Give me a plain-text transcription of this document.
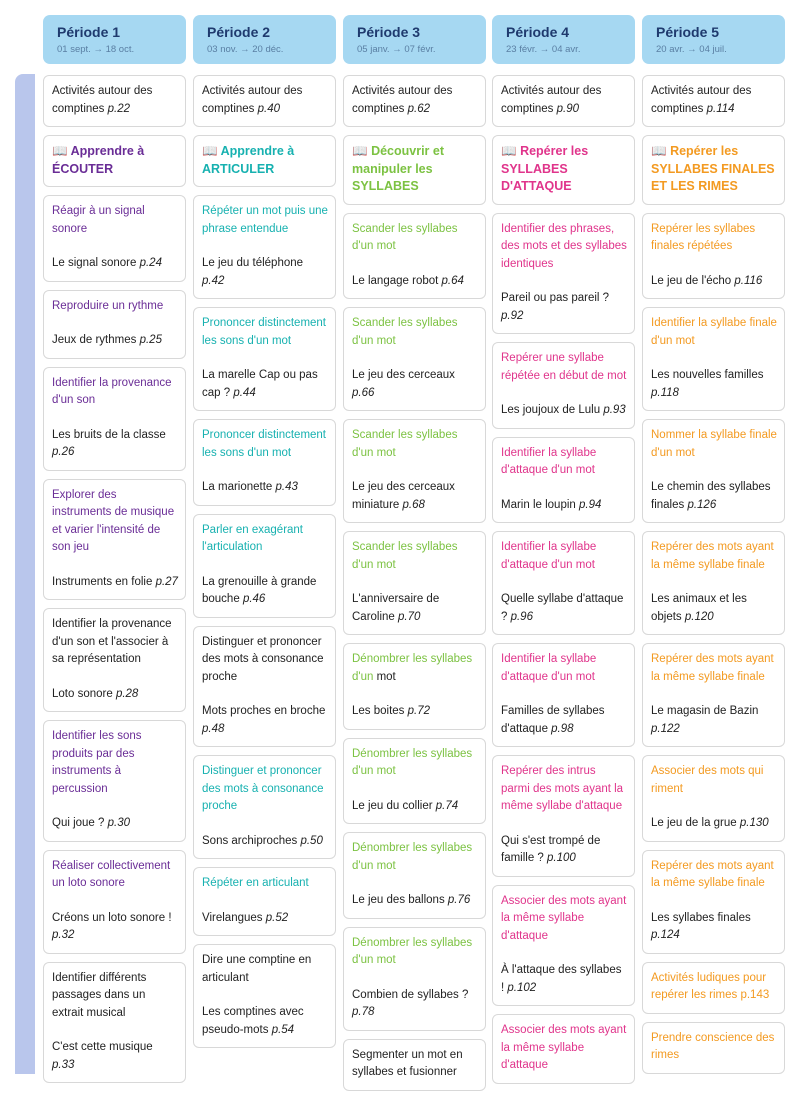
Période 1
01 sept. → 18 oct.
Activités autour des comptines p.22
📖 Apprendre à ÉCOUTER
Réagir à un signal sonore
Le signal sonore p.24
Reproduire un rythme
Jeux de rythmes p.25
Identifier la provenance d'un son
Les bruits de la classe p.26
Explorer des instruments de musique et varier l'intensité de son jeu
Instruments en folie p.27
Identifier la provenance d'un son et l'associer à sa représentation
Loto sonore p.28
Identifier les sons produits par des instruments à percussion
Qui joue ? p.30
Réaliser collectivement un loto sonore
Créons un loto sonore ! p.32
Identifier différents passages dans un extrait musical
C'est cette musique p.33
Période 2
03 nov. → 20 déc.
Activités autour des comptines p.40
📖 Apprendre à ARTICULER
Répéter un mot puis une phrase entendue
Le jeu du téléphone p.42
Prononcer distinctement les sons d'un mot
La marelle Cap ou pas cap ? p.44
Prononcer distinctement les sons d'un mot
La marionette p.43
Parler en exagérant l'articulation
La grenouille à grande bouche p.46
Distinguer et prononcer des mots à consonance proche
Mots proches en broche p.48
Distinguer et prononcer des mots à consonance proche
Sons archiproches p.50
Répéter en articulant
Virelangues p.52
Dire une comptine en articulant
Les comptines avec pseudo-mots p.54
Période 3
05 janv. → 07 févr.
Activités autour des comptines p.62
📖 Découvrir et manipuler les SYLLABES
Scander les syllabes d'un mot
Le langage robot p.64
Scander les syllabes d'un mot
Le jeu des cerceaux p.66
Scander les syllabes d'un mot
Le jeu des cerceaux miniature p.68
Scander les syllabes d'un mot
L'anniversaire de Caroline p.70
Dénombrer les syllabes d'un mot
Les boites p.72
Dénombrer les syllabes d'un mot
Le jeu du collier p.74
Dénombrer les syllabes d'un mot
Le jeu des ballons p.76
Dénombrer les syllabes d'un mot
Combien de syllabes ? p.78
Segmenter un mot en syllabes et fusionner
Période 4
23 févr. → 04 avr.
Activités autour des comptines p.90
📖 Repérer les SYLLABES D'ATTAQUE
Identifier des phrases, des mots et des syllabes identiques
Pareil ou pas pareil ? p.92
Repérer une syllabe répétée en début de mot
Les joujoux de Lulu p.93
Identifier la syllabe d'attaque d'un mot
Marin le loupin p.94
Identifier la syllabe d'attaque d'un mot
Quelle syllabe d'attaque ? p.96
Identifier la syllabe d'attaque d'un mot
Familles de syllabes d'attaque p.98
Repérer des intrus parmi des mots ayant la même syllabe d'attaque
Qui s'est trompé de famille ? p.100
Associer des mots ayant la même syllabe d'attaque
À l'attaque des syllabes ! p.102
Associer des mots ayant la même syllabe d'attaque
Période 5
20 avr. → 04 juil.
Activités autour des comptines p.114
📖 Repérer les SYLLABES FINALES ET LES RIMES
Repérer les syllabes finales répétées
Le jeu de l'écho p.116
Identifier la syllabe finale d'un mot
Les nouvelles familles p.118
Nommer la syllabe finale d'un mot
Le chemin des syllabes finales p.126
Repérer des mots ayant la même syllabe finale
Les animaux et les objets p.120
Repérer des mots ayant la même syllabe finale
Le magasin de Bazin p.122
Associer des mots qui riment
Le jeu de la grue p.130
Repérer des mots ayant la même syllabe finale
Les syllabes finales p.124
Activités ludiques pour repérer les rimes p.143
Prendre conscience des rimes
